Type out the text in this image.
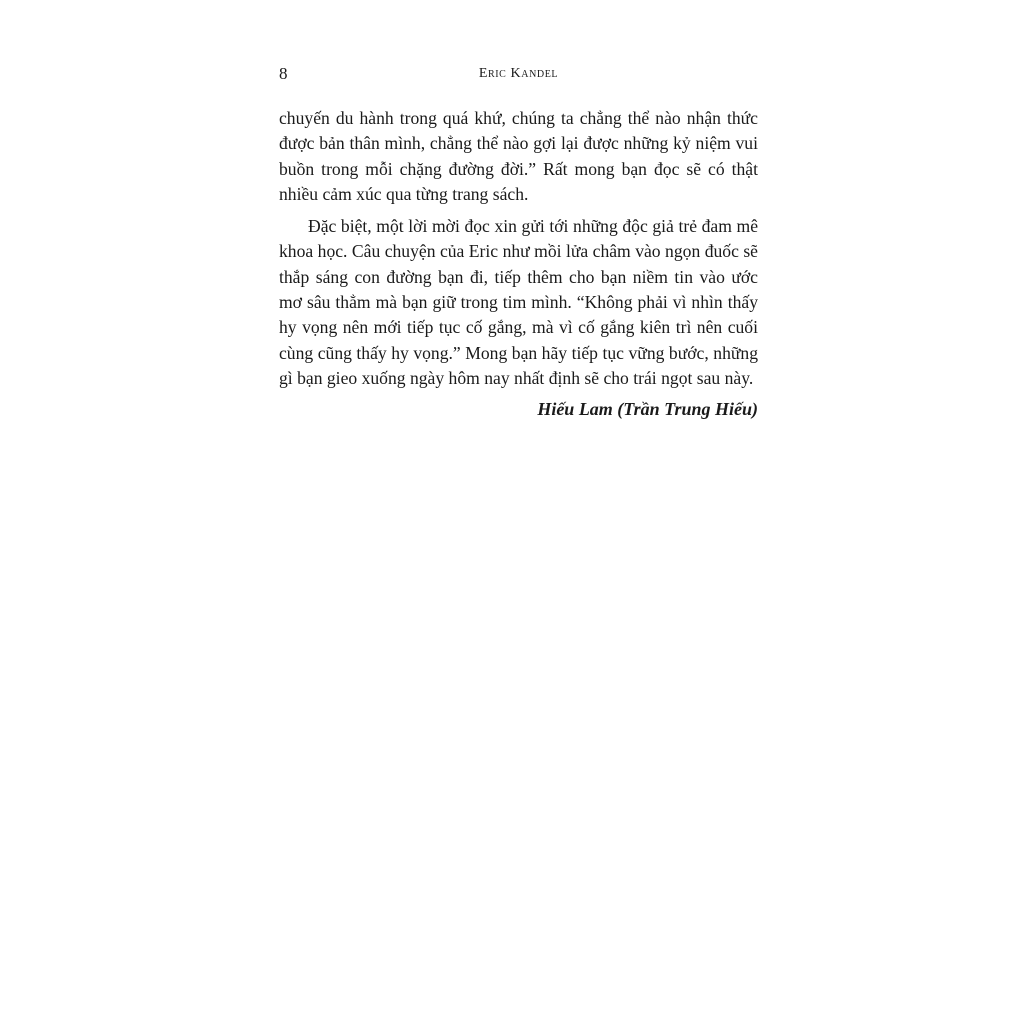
8	Eric Kandel

chuyến du hành trong quá khứ, chúng ta chẳng thể nào nhận thức được bản thân mình, chẳng thể nào gợi lại được những kỷ niệm vui buồn trong mỗi chặng đường đời.” Rất mong bạn đọc sẽ có thật nhiều cảm xúc qua từng trang sách.

Đặc biệt, một lời mời đọc xin gửi tới những độc giả trẻ đam mê khoa học. Câu chuyện của Eric như mồi lửa châm vào ngọn đuốc sẽ thắp sáng con đường bạn đi, tiếp thêm cho bạn niềm tin vào ước mơ sâu thẳm mà bạn giữ trong tim mình. “Không phải vì nhìn thấy hy vọng nên mới tiếp tục cố gắng, mà vì cố gắng kiên trì nên cuối cùng cũng thấy hy vọng.” Mong bạn hãy tiếp tục vững bước, những gì bạn gieo xuống ngày hôm nay nhất định sẽ cho trái ngọt sau này.

Hiếu Lam (Trần Trung Hiếu)
